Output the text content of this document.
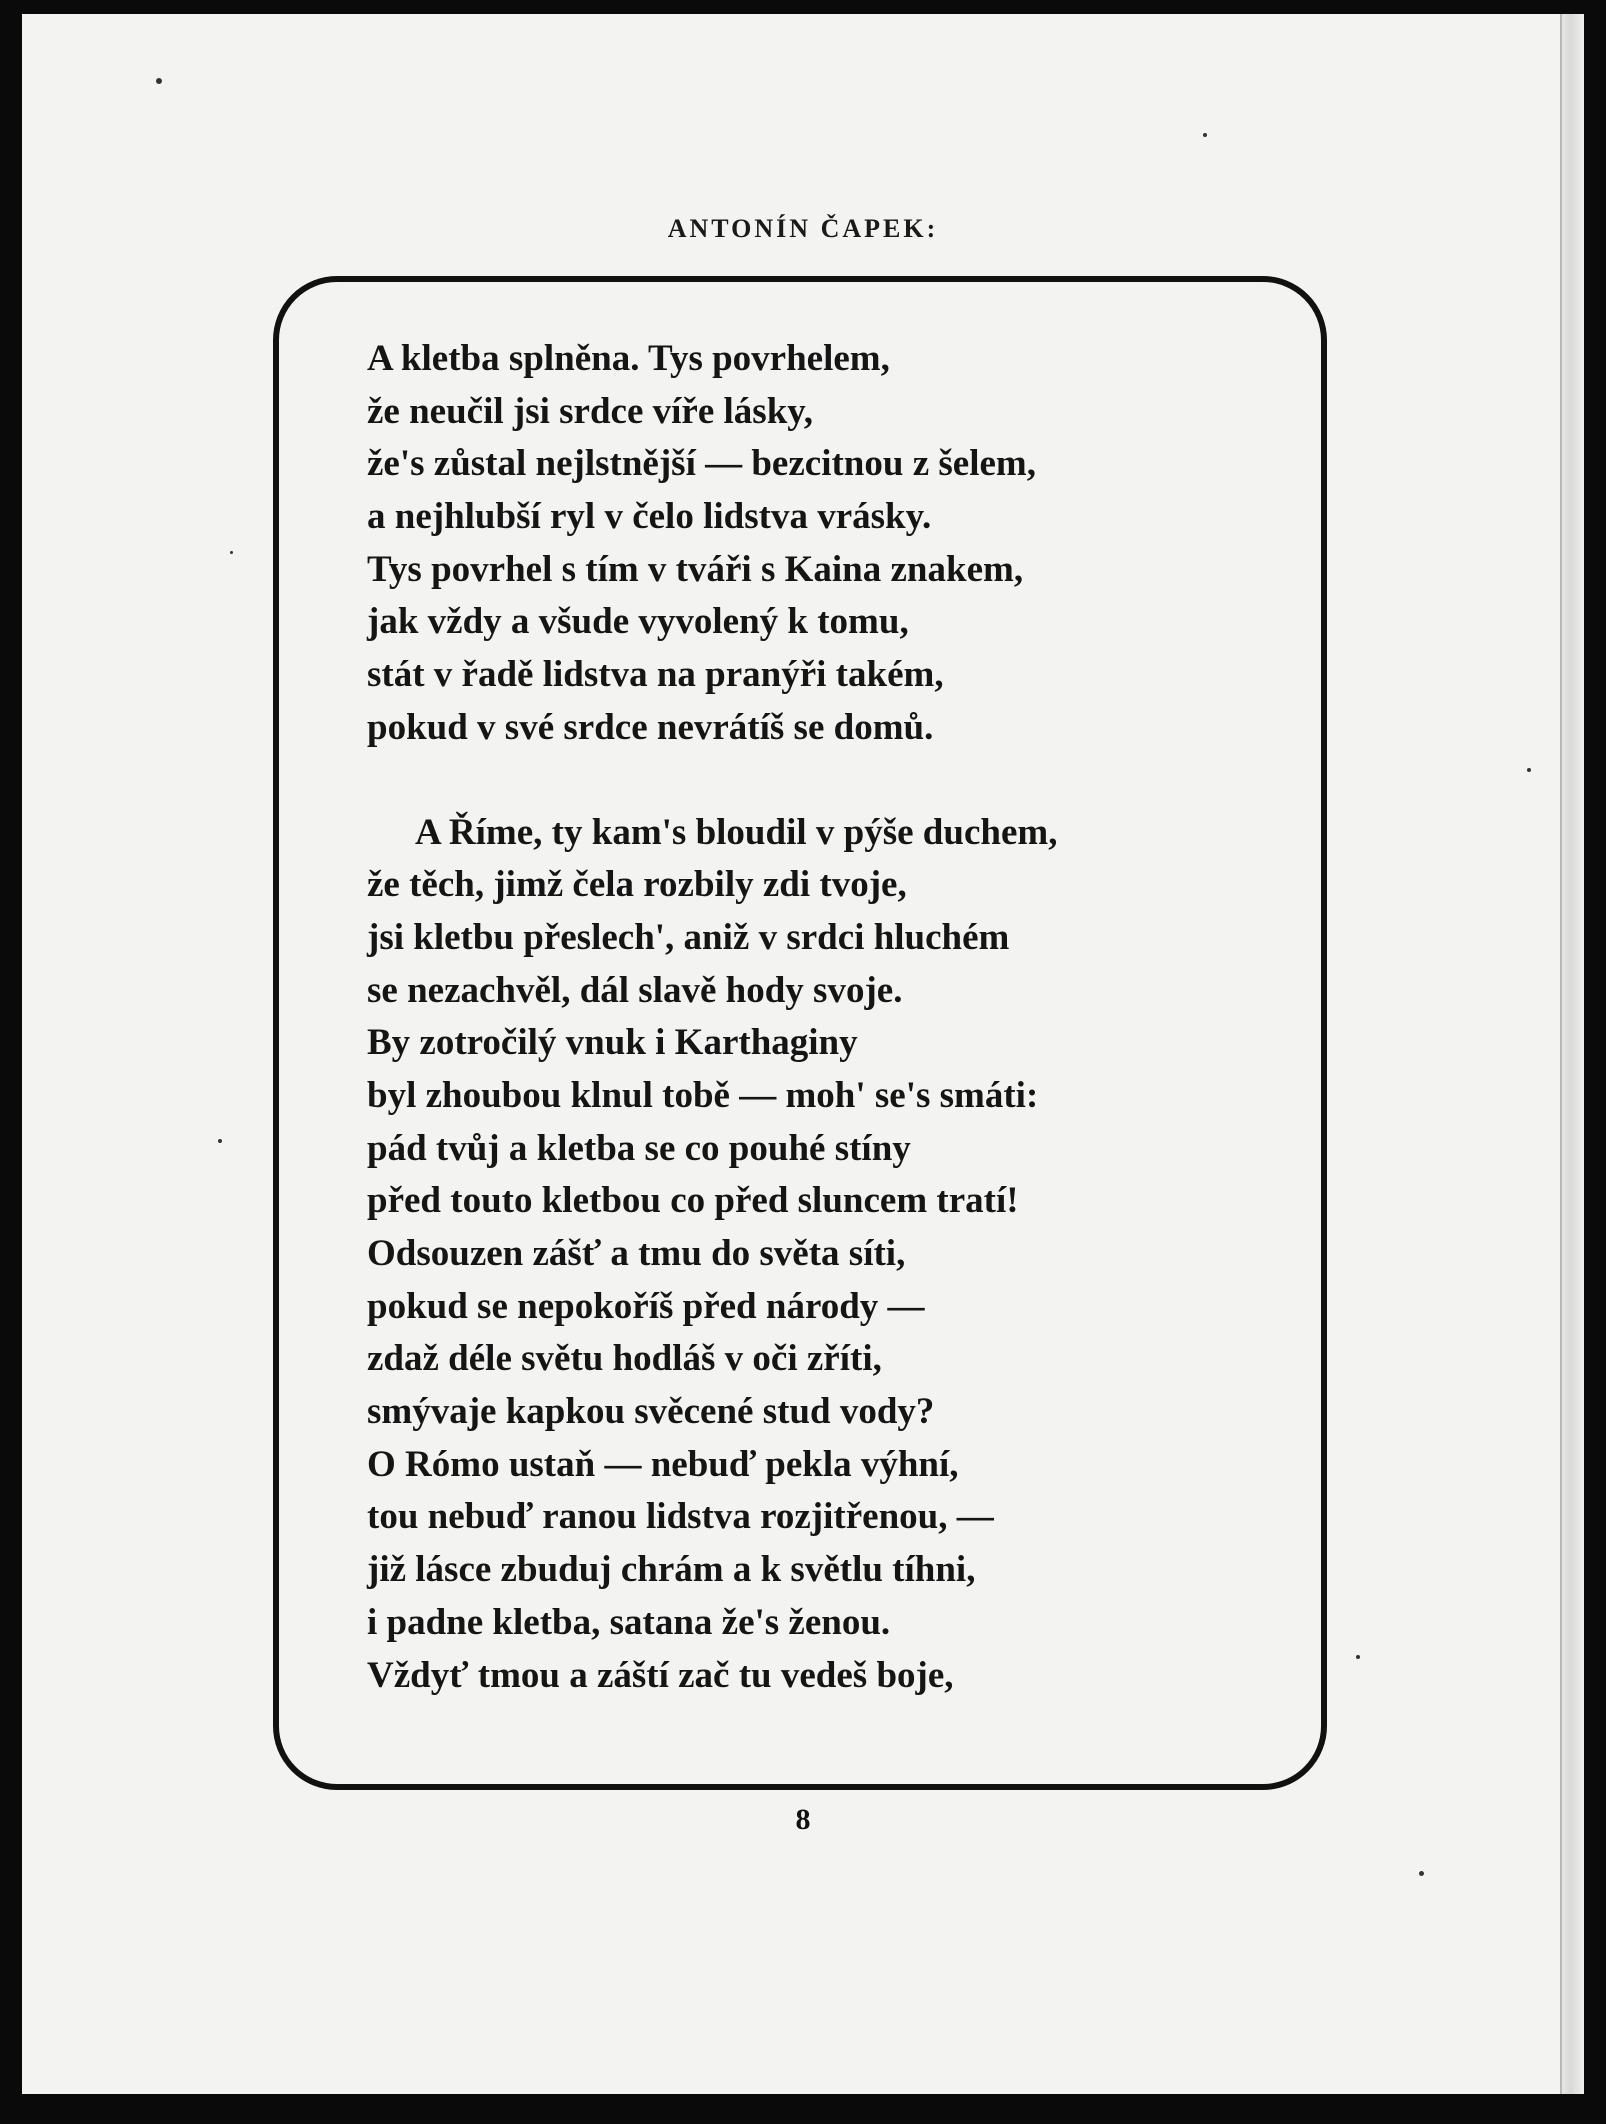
ANTONÍN ČAPEK:
A kletba splněna. Tys povrhelem,
že neučil jsi srdce víře lásky,
že's zůstal nejlstnější — bezcitnou z šelem,
a nejhlubší ryl v čelo lidstva vrásky.
Tys povrhel s tím v tváři s Kaina znakem,
jak vždy a všude vyvolený k tomu,
stát v řadě lidstva na pranýři takém,
pokud v své srdce nevrátíš se domů.
A Říme, ty kam's bloudil v pýše duchem,
že těch, jimž čela rozbily zdi tvoje,
jsi kletbu přeslech', aniž v srdci hluchém
se nezachvěl, dál slavě hody svoje.
By zotročilý vnuk i Karthaginy
byl zhoubou klnul tobě — moh' se's smáti:
pád tvůj a kletba se co pouhé stíny
před touto kletbou co před sluncem tratí!
Odsouzen zášť a tmu do světa síti,
pokud se nepokoříš před národy —
zdaž déle světu hodláš v oči zříti,
smývaje kapkou svěcené stud vody?
O Rómo ustaň — nebuď pekla výhní,
tou nebuď ranou lidstva rozjitřenou, —
již lásce zbuduj chrám a k světlu tíhni,
i padne kletba, satana že's ženou.
Vždyť tmou a záští zač tu vedeš boje,
8
